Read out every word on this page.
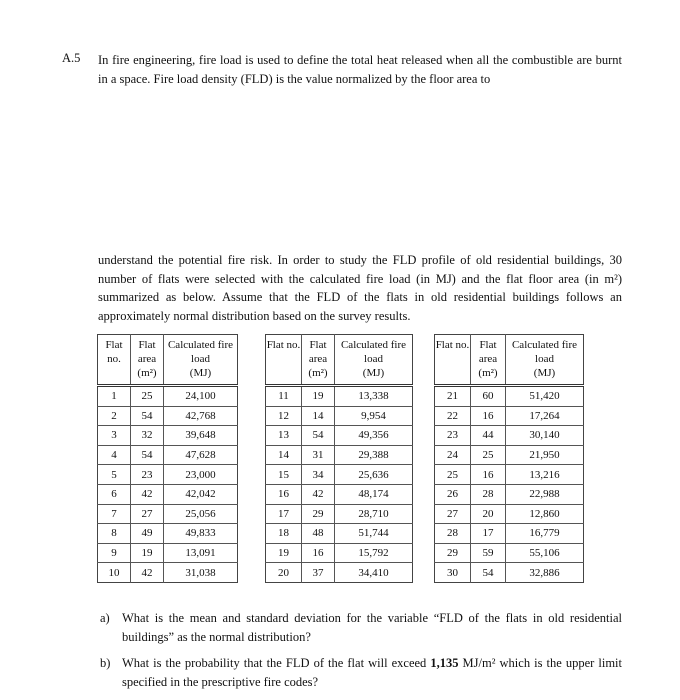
A.5 In fire engineering, fire load is used to define the total heat released when all the combustible are burnt in a space. Fire load density (FLD) is the value normalized by the floor area to

understand the potential fire risk. In order to study the FLD profile of old residential buildings, 30 number of flats were selected with the calculated fire load (in MJ) and the flat floor area (in m²) summarized as below. Assume that the FLD of the flats in old residential buildings follows an approximately normal distribution based on the survey results.

Flat no.	Flat area
(m²)	Calculated fire load
(MJ)
1	25	24,100
2	54	42,768
3	32	39,648
4	54	47,628
5	23	23,000
6	42	42,042
7	27	25,056
8	49	49,833
9	19	13,091
10	42	31,038
Flat no.	Flat area
(m²)	Calculated fire load
(MJ)
11	19	13,338
12	14	9,954
13	54	49,356
14	31	29,388
15	34	25,636
16	42	48,174
17	29	28,710
18	48	51,744
19	16	15,792
20	37	34,410
Flat no.	Flat area
(m²)	Calculated fire load
(MJ)
21	60	51,420
22	16	17,264
23	44	30,140
24	25	21,950
25	16	13,216
26	28	22,988
27	20	12,860
28	17	16,779
29	59	55,106
30	54	32,886
a) What is the mean and standard deviation for the variable “FLD of the flats in old residential buildings” as the normal distribution?
b) What is the probability that the FLD of the flat will exceed 1,135 MJ/m² which is the upper limit specified in the prescriptive fire codes?
